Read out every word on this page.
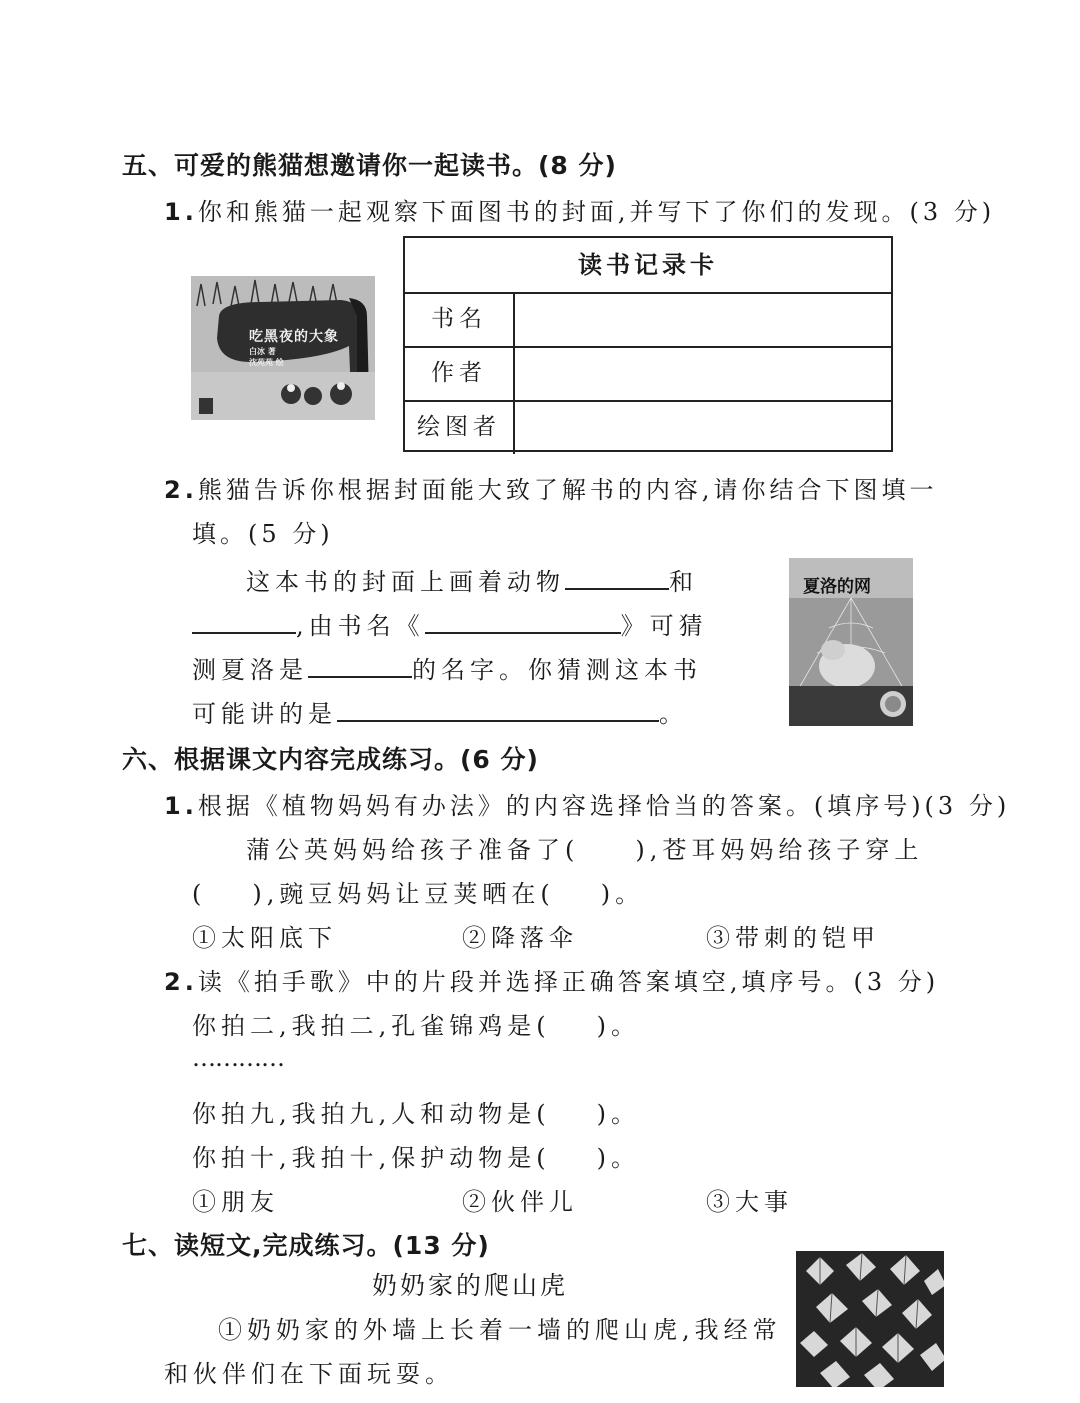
五、可爱的熊猫想邀请你一起读书。(8 分)
1.你和熊猫一起观察下面图书的封面,并写下了你们的发现。(3 分)
吃黑夜的大象
白冰 著
沈苑苑 绘
读书记录卡
书名
作者
绘图者
2.熊猫告诉你根据封面能大致了解书的内容,请你结合下图填一
填。(5 分)
这本书的封面上画着动物	和
,由书名《	》可猜
测夏洛是	的名字。你猜测这本书
可能讲的是	。
夏洛的网
六、根据课文内容完成练习。(6 分)
1.根据《植物妈妈有办法》的内容选择恰当的答案。(填序号)(3 分)
蒲公英妈妈给孩子准备了( ),苍耳妈妈给孩子穿上
( ),豌豆妈妈让豆荚晒在( )。
①太阳底下	②降落伞	③带刺的铠甲
2.读《拍手歌》中的片段并选择正确答案填空,填序号。(3 分)
你拍二,我拍二,孔雀锦鸡是( )。
…………
你拍九,我拍九,人和动物是( )。
你拍十,我拍十,保护动物是( )。
①朋友	②伙伴儿	③大事
七、读短文,完成练习。(13 分)
奶奶家的爬山虎
①奶奶家的外墙上长着一墙的爬山虎,我经常
和伙伴们在下面玩耍。
